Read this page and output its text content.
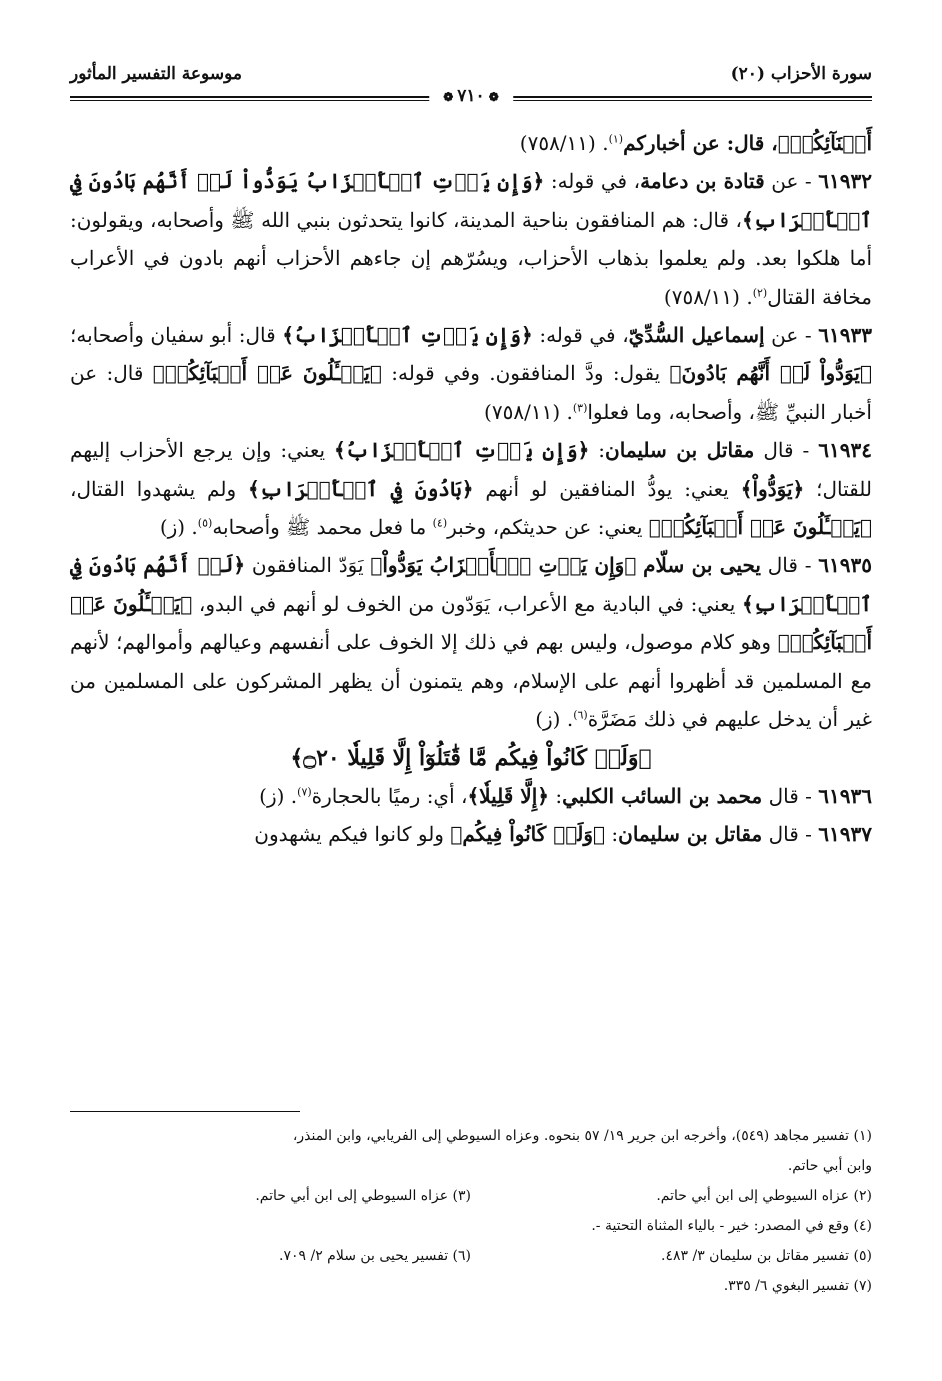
سورة الأحزاب (٢٠)
موسوعة التفسير المأثور
❁٧١٠❁

أَبۢنَآئِكُمۡ﴾، قال: عن أخباركم$^{(١)}$. (٧٥٨/١١)

٦١٩٣٢ - عن قتادة بن دعامة، في قوله: ﴿وَإِن يَأۡتِ ٱلۡأَحۡزَابُ يَوَدُّواْ لَوۡ أَنَّهُم بَادُونَ فِي ٱلۡأَعۡرَابِ﴾، قال: هم المنافقون بناحية المدينة، كانوا يتحدثون بنبي الله ﷺ وأصحابه، ويقولون: أما هلكوا بعد. ولم يعلموا بذهاب الأحزاب، ويسُرّهم إن جاءهم الأحزاب أنهم بادون في الأعراب مخافة القتال$^{(٢)}$. (٧٥٨/١١)

٦١٩٣٣ - عن إسماعيل السُّدِّيّ، في قوله: ﴿وَإِن يَأۡتِ ٱلۡأَحۡزَابُ﴾ قال: أبو سفيان وأصحابه؛ ﴿يَوَدُّواْ لَوۡ أَنَّهُم بَادُونَ﴾ يقول: ودَّ المنافقون. وفي قوله: ﴿يَسۡـَٔلُونَ عَنۡ أَنۢبَآئِكُمۡ﴾ قال: عن أخبار النبيِّ ﷺ، وأصحابه، وما فعلوا$^{(٣)}$. (٧٥٨/١١)

٦١٩٣٤ - قال مقاتل بن سليمان: ﴿وَإِن يَأۡتِ ٱلۡأَحۡزَابُ﴾ يعني: وإن يرجع الأحزاب إليهم للقتال؛ ﴿يَوَدُّواْ﴾ يعني: يودُّ المنافقين لو أنهم ﴿بَادُونَ فِي ٱلۡأَعۡرَابِ﴾ ولم يشهدوا القتال، ﴿يَسۡـَٔلُونَ عَنۡ أَنۢبَآئِكُمۡ﴾ يعني: عن حديثكم، وخبر$^{(٤)}$ ما فعل محمد ﷺ وأصحابه$^{(٥)}$. (ز)

٦١٩٣٥ - قال يحيى بن سلّام ﴿وَإِن يَأۡتِ ٱلۡأَحۡزَابُ يَوَدُّواْ﴾ يَوَدّ المنافقون ﴿لَوۡ أَنَّهُم بَادُونَ فِي ٱلۡأَعۡرَابِ﴾ يعني: في البادية مع الأعراب، يَوَدّون من الخوف لو أنهم في البدو، ﴿يَسۡـَٔلُونَ عَنۡ أَنۢبَآئِكُمۡ﴾ وهو كلام موصول، وليس بهم في ذلك إلا الخوف على أنفسهم وعيالهم وأموالهم؛ لأنهم مع المسلمين قد أظهروا أنهم على الإسلام، وهم يتمنون أن يظهر المشركون على المسلمين من غير أن يدخل عليهم في ذلك مَضَرَّة$^{(٦)}$. (ز)

﴿وَلَوۡ كَانُواْ فِيكُم مَّا قَٰتَلُوٓاْ إِلَّا قَلِيلٗا ۝٢٠﴾

٦١٩٣٦ - قال محمد بن السائب الكلبي: ﴿إِلَّا قَلِيلٗا﴾، أي: رميًا بالحجارة$^{(٧)}$. (ز)

٦١٩٣٧ - قال مقاتل بن سليمان: ﴿وَلَوۡ كَانُواْ فِيكُم﴾ ولو كانوا فيكم يشهدون

(١) تفسير مجاهد (٥٤٩)، وأخرجه ابن جرير ١٩/ ٥٧ بنحوه. وعزاه السيوطي إلى الفريابي، وابن المنذر،

وابن أبي حاتم.

(٢) عزاه السيوطي إلى ابن أبي حاتم.
(٣) عزاه السيوطي إلى ابن أبي حاتم.

(٤) وقع في المصدر: خير - بالياء المثناة التحتية -.

(٥) تفسير مقاتل بن سليمان ٣/ ٤٨٣.
(٦) تفسير يحيى بن سلام ٢/ ٧٠٩.

(٧) تفسير البغوي ٦/ ٣٣٥.
